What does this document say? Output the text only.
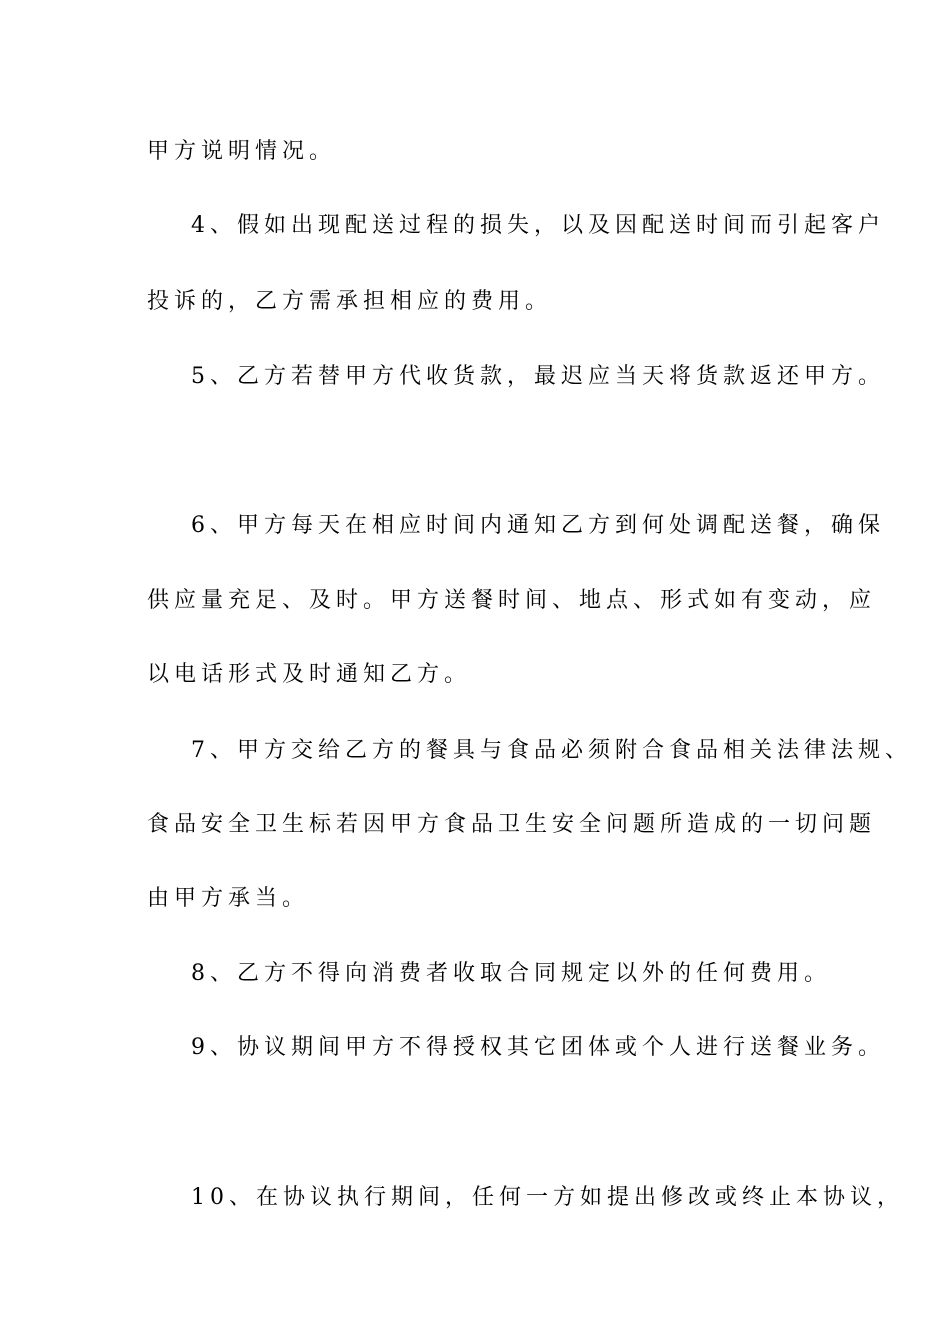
甲方说明情况。
4、假如出现配送过程的损失，以及因配送时间而引起客户
投诉的，乙方需承担相应的费用。
5、乙方若替甲方代收货款，最迟应当天将货款返还甲方。
6、甲方每天在相应时间内通知乙方到何处调配送餐，确保
供应量充足、及时。甲方送餐时间、地点、形式如有变动，应
以电话形式及时通知乙方。
7、甲方交给乙方的餐具与食品必须附合食品相关法律法规、
食品安全卫生标若因甲方食品卫生安全问题所造成的一切问题
由甲方承当。
8、乙方不得向消费者收取合同规定以外的任何费用。
9、协议期间甲方不得授权其它团体或个人进行送餐业务。
10、在协议执行期间，任何一方如提出修改或终止本协议，
